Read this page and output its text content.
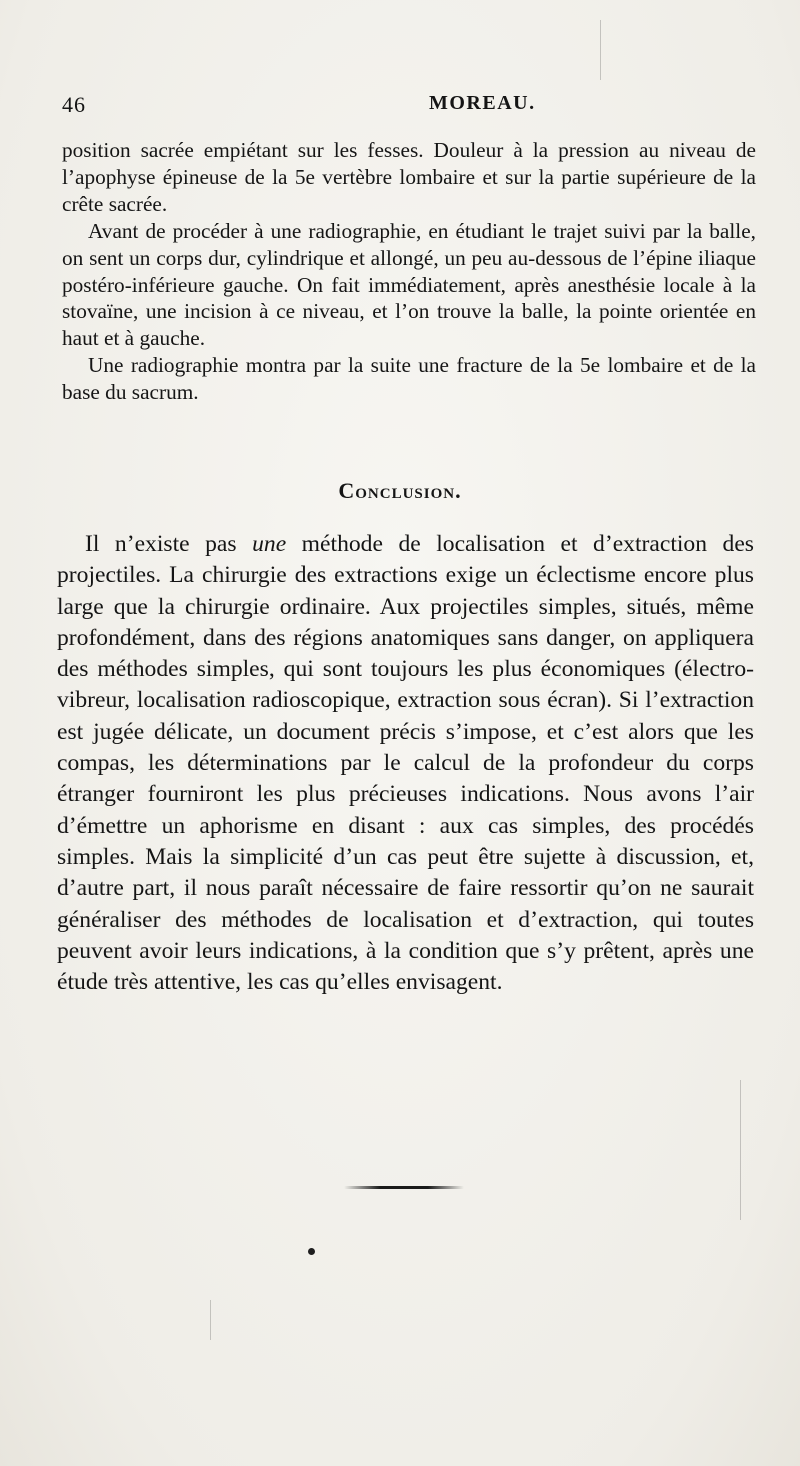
46	MOREAU.

position sacrée empiétant sur les fesses. Douleur à la pression au niveau de l’apophyse épineuse de la 5e vertèbre lombaire et sur la partie supérieure de la crête sacrée.

Avant de procéder à une radiographie, en étudiant le trajet suivi par la balle, on sent un corps dur, cylindrique et allongé, un peu au-dessous de l’épine iliaque postéro-inférieure gauche. On fait immédiatement, après anesthésie locale à la stovaïne, une incision à ce niveau, et l’on trouve la balle, la pointe orientée en haut et à gauche.

Une radiographie montra par la suite une fracture de la 5e lombaire et de la base du sacrum.

Conclusion.

Il n’existe pas une méthode de localisation et d’extraction des projectiles. La chirurgie des extractions exige un éclectisme encore plus large que la chirurgie ordinaire. Aux projectiles simples, situés, même profondément, dans des régions anatomiques sans danger, on appliquera des méthodes simples, qui sont toujours les plus économiques (électro-vibreur, localisation radioscopique, extraction sous écran). Si l’extraction est jugée délicate, un document précis s’impose, et c’est alors que les compas, les déterminations par le calcul de la profondeur du corps étranger fourniront les plus précieuses indications. Nous avons l’air d’émettre un aphorisme en disant : aux cas simples, des procédés simples. Mais la simplicité d’un cas peut être sujette à discussion, et, d’autre part, il nous paraît nécessaire de faire ressortir qu’on ne saurait généraliser des méthodes de localisation et d’extraction, qui toutes peuvent avoir leurs indications, à la condition que s’y prêtent, après une étude très attentive, les cas qu’elles envisagent.
